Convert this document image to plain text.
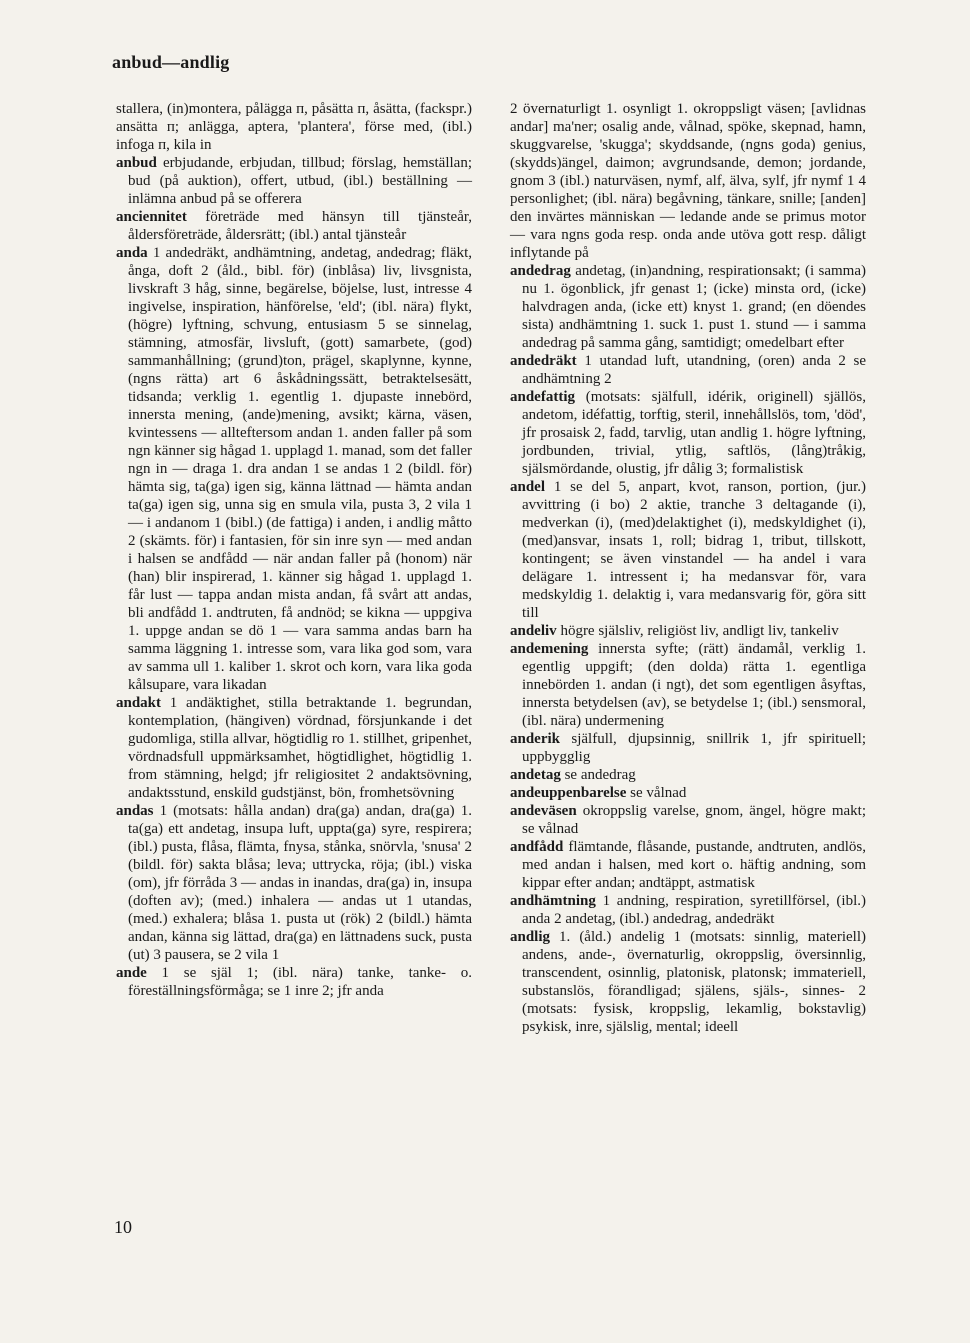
anbud—andlig

stallera, (in)montera, pålägga ᴨ, påsätta ᴨ, åsätta, (fackspr.) ansätta ᴨ; anlägga, aptera, 'plantera', förse med, (ibl.) infoga ᴨ, kila in

anbud erbjudande, erbjudan, tillbud; förslag, hemställan; bud (på auktion), offert, utbud, (ibl.) beställning — inlämna anbud på se offerera

anciennitet företräde med hänsyn till tjänsteår, åldersföreträde, åldersrätt; (ibl.) antal tjänsteår

anda 1 andedräkt, andhämtning, andetag, andedrag; fläkt, ånga, doft 2 (åld., bibl. för) (inblåsa) liv, livsgnista, livskraft 3 håg, sinne, begärelse, böjelse, lust, intresse 4 ingivelse, inspiration, hänförelse, 'eld'; (ibl. nära) flykt, (högre) lyftning, schvung, entusiasm 5 se sinnelag, stämning, atmosfär, livsluft, (gott) samarbete, (god) sammanhållning; (grund)ton, prägel, skaplynne, kynne, (ngns rätta) art 6 åskådningssätt, betraktelsesätt, tidsanda; verklig 1. egentlig 1. djupaste innebörd, innersta mening, (ande)mening, avsikt; kärna, väsen, kvintessens — allteftersom andan 1. anden faller på som ngn känner sig hågad 1. upplagd 1. manad, som det faller ngn in — draga 1. dra andan 1 se andas 1 2 (bildl. för) hämta sig, ta(ga) igen sig, känna lättnad — hämta andan ta(ga) igen sig, unna sig en smula vila, pusta 3, 2 vila 1 — i andanom 1 (bibl.) (de fattiga) i anden, i andlig måtto 2 (skämts. för) i fantasien, för sin inre syn — med andan i halsen se andfådd — när andan faller på (honom) när (han) blir inspirerad, 1. känner sig hågad 1. upplagd 1. får lust — tappa andan mista andan, få svårt att andas, bli andfådd 1. andtruten, få andnöd; se kikna — uppgiva 1. uppge andan se dö 1 — vara samma andas barn ha samma läggning 1. intresse som, vara lika god som, vara av samma ull 1. kaliber 1. skrot och korn, vara lika goda kålsupare, vara likadan

andakt 1 andäktighet, stilla betraktande 1. begrundan, kontemplation, (hängiven) vördnad, försjunkande i det gudomliga, stilla allvar, högtidlig ro 1. stillhet, gripenhet, vördnadsfull uppmärksamhet, högtidlighet, högtidlig 1. from stämning, helgd; jfr religiositet 2 andaktsövning, andaktsstund, enskild gudstjänst, bön, fromhetsövning

andas 1 (motsats: hålla andan) dra(ga) andan, dra(ga) 1. ta(ga) ett andetag, insupa luft, uppta(ga) syre, respirera; (ibl.) pusta, flåsa, flämta, fnysa, stånka, snörvla, 'snusa' 2 (bildl. för) sakta blåsa; leva; uttrycka, röja; (ibl.) viska (om), jfr förråda 3 — andas in inandas, dra(ga) in, insupa (doften av); (med.) inhalera — andas ut 1 utandas, (med.) exhalera; blåsa 1. pusta ut (rök) 2 (bildl.) hämta andan, känna sig lättad, dra(ga) en lättnadens suck, pusta (ut) 3 pausera, se 2 vila 1

ande 1 se själ 1; (ibl. nära) tanke, tanke- o. föreställningsförmåga; se 1 inre 2; jfr anda

2 övernaturligt 1. osynligt 1. okroppsligt väsen; [avlidnas andar] ma'ner; osalig ande, vålnad, spöke, skepnad, hamn, skuggvarelse, 'skugga'; skyddsande, (ngns goda) genius, (skydds)ängel, daimon; avgrundsande, demon; jordande, gnom 3 (ibl.) naturväsen, nymf, alf, älva, sylf, jfr nymf 1 4 personlighet; (ibl. nära) begåvning, tänkare, snille; [anden] den invärtes människan — ledande ande se primus motor — vara ngns goda resp. onda ande utöva gott resp. dåligt inflytande på

andedrag andetag, (in)andning, respirationsakt; (i samma) nu 1. ögonblick, jfr genast 1; (icke) minsta ord, (icke) halvdragen anda, (icke ett) knyst 1. grand; (en döendes sista) andhämtning 1. suck 1. pust 1. stund — i samma andedrag på samma gång, samtidigt; omedelbart efter

andedräkt 1 utandad luft, utandning, (oren) anda 2 se andhämtning 2

andefattig (motsats: själfull, idérik, originell) själlös, andetom, idéfattig, torftig, steril, innehållslös, tom, 'död', jfr prosaisk 2, fadd, tarvlig, utan andlig 1. högre lyftning, jordbunden, trivial, ytlig, saftlös, (lång)tråkig, själsmördande, olustig, jfr dålig 3; formalistisk

andel 1 se del 5, anpart, kvot, ranson, portion, (jur.) avvittring (i bo) 2 aktie, tranche 3 deltagande (i), medverkan (i), (med)delaktighet (i), medskyldighet (i), (med)ansvar, insats 1, roll; bidrag 1, tribut, tillskott, kontingent; se även vinstandel — ha andel i vara delägare 1. intressent i; ha medansvar för, vara medskyldig 1. delaktig i, vara medansvarig för, göra sitt till

andeliv högre själsliv, religiöst liv, andligt liv, tankeliv

andemening innersta syfte; (rätt) ändamål, verklig 1. egentlig uppgift; (den dolda) rätta 1. egentliga innebörden 1. andan (i ngt), det som egentligen åsyftas, innersta betydelsen (av), se betydelse 1; (ibl.) sensmoral, (ibl. nära) undermening

anderik själfull, djupsinnig, snillrik 1, jfr spirituell; uppbygglig

andetag se andedrag

andeuppenbarelse se vålnad

andeväsen okroppslig varelse, gnom, ängel, högre makt; se vålnad

andfådd flämtande, flåsande, pustande, andtruten, andlös, med andan i halsen, med kort o. häftig andning, som kippar efter andan; andtäppt, astmatisk

andhämtning 1 andning, respiration, syretillförsel, (ibl.) anda 2 andetag, (ibl.) andedrag, andedräkt

andlig 1. (åld.) andelig 1 (motsats: sinnlig, materiell) andens, ande-, övernaturlig, okroppslig, översinnlig, transcendent, osinnlig, platonisk, platonsk; immateriell, substanslös, förandligad; själens, själs-, sinnes- 2 (motsats: fysisk, kroppslig, lekamlig, bokstavlig) psykisk, inre, själslig, mental; ideell

10
